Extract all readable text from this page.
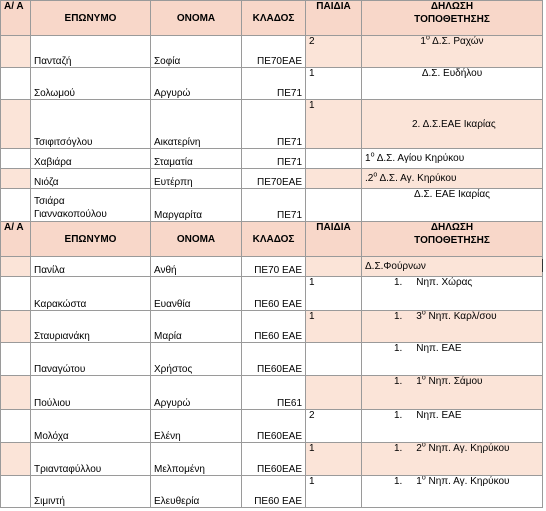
Α/ Α	ΕΠΩΝΥΜΟ	ΟΝΟΜΑ	ΚΛΑΔΟΣ	ΠΑΙΔΙΑ	ΔΗΛΩΣΗ
ΤΟΠΟΘΕΤΗΣΗΣ

	Πανταζή	Σοφία	ΠΕ70ΕΑΕ	2	$1^o$ Δ.Σ. Ραχών
	Σολωμού	Αργυρώ	ΠΕ71	1	Δ.Σ. Ευδήλου
	Τσιφιτσόγλου	Αικατερίνη	ΠΕ71	1	2. Δ.Σ.ΕΑΕ Ικαρίας
	Χαβιάρα	Σταματία	ΠΕ71		$1^o$ Δ.Σ. Αγίου Κηρύκου
	Νιόζα	Ευτέρπη	ΠΕ70ΕΑΕ		$.2^o$ Δ.Σ. Αγ. Κηρύκου

	Τσιάρα
Γιαννακοπούλου	Μαργαρίτα	ΠΕ71		Δ.Σ. ΕΑΕ Ικαρίας
Α/ Α	ΕΠΩΝΥΜΟ	ΟΝΟΜΑ	ΚΛΑΔΟΣ	ΠΑΙΔΙΑ	ΔΗΛΩΣΗ
ΤΟΠΟΘΕΤΗΣΗΣ

	Πανίλα	Ανθή	ΠΕ70 ΕΑΕ		Δ.Σ.Φούρνων
	Καρακώστα	Ευανθία	ΠΕ60 ΕΑΕ	1	1. Νηπ. Χώρας
	Σταυριανάκη	Μαρία	ΠΕ60 ΕΑΕ	1	1. $3^o$ Νηπ. Καρλ/σου
	Παναγώτου	Χρήστος	ΠΕ60ΕΑΕ		1. Νηπ. ΕΑΕ
	Πούλιου	Αργυρώ	ΠΕ61		1. $1^o$ Νηπ. Σάμου
	Μολόχα	Ελένη	ΠΕ60ΕΑΕ	2	1. Νηπ. ΕΑΕ
	Τριανταφύλλου	Μελπομένη	ΠΕ60ΕΑΕ	1	1. $2^o$ Νηπ. Αγ. Κηρύκου
	Σιμιντή	Ελευθερία	ΠΕ60 ΕΑΕ	1	1. $1^o$ Νηπ. Αγ. Κηρύκου
